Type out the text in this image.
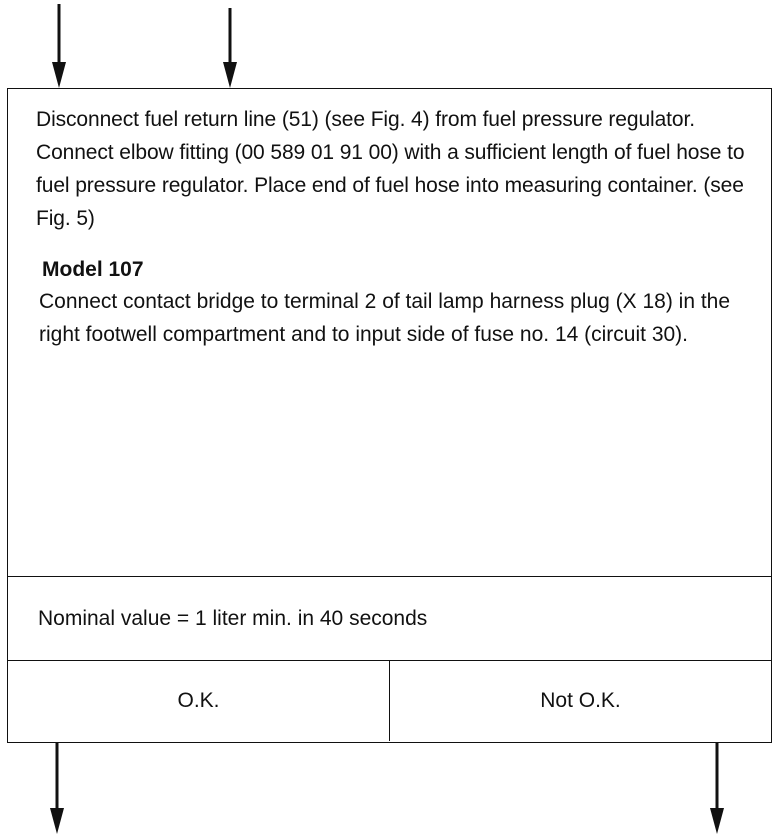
Disconnect fuel return line (51) (see Fig. 4) from fuel pressure regulator. Connect elbow fitting (00 589 01 91 00) with a sufficient length of fuel hose to fuel pressure regulator. Place end of fuel hose into measuring container. (see Fig. 5)

Model 107

Connect contact bridge to terminal 2 of tail lamp harness plug (X 18) in the right footwell compartment and to input side of fuse no. 14 (circuit 30).

Nominal value = 1 liter min. in 40 seconds
O.K.	Not O.K.
